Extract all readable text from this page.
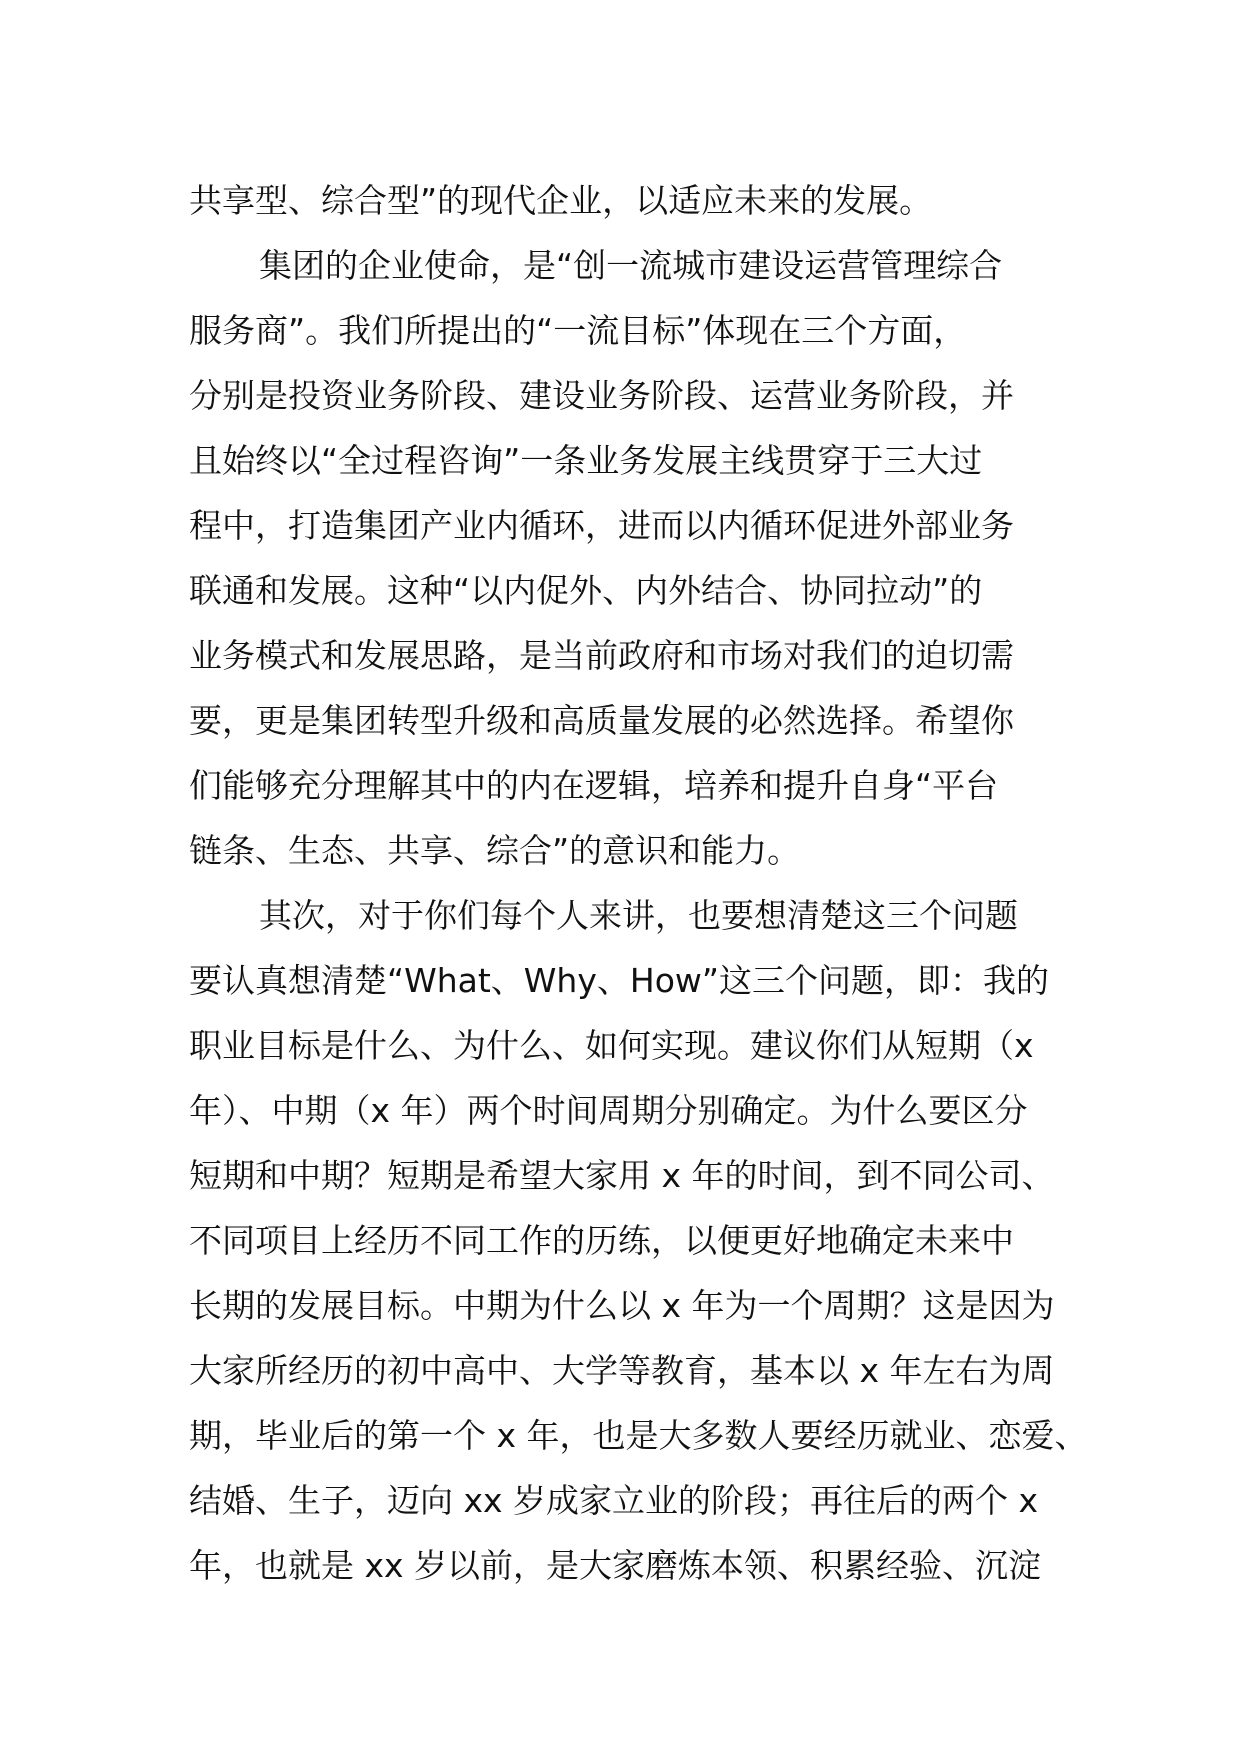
共享型、综合型”的现代企业，以适应未来的发展。
集团的企业使命，是“创一流城市建设运营管理综合
服务商”。我们所提出的“一流目标”体现在三个方面，
分别是投资业务阶段、建设业务阶段、运营业务阶段，并
且始终以“全过程咨询”一条业务发展主线贯穿于三大过
程中，打造集团产业内循环，进而以内循环促进外部业务
联通和发展。这种“以内促外、内外结合、协同拉动”的
业务模式和发展思路，是当前政府和市场对我们的迫切需
要，更是集团转型升级和高质量发展的必然选择。希望你
们能够充分理解其中的内在逻辑，培养和提升自身“平台
链条、生态、共享、综合”的意识和能力。
其次，对于你们每个人来讲，也要想清楚这三个问题
要认真想清楚“What、Why、How”这三个问题，即：我的
职业目标是什么、为什么、如何实现。建议你们从短期（x
年）、中期（x 年）两个时间周期分别确定。为什么要区分
短期和中期？短期是希望大家用 x 年的时间，到不同公司、
不同项目上经历不同工作的历练，以便更好地确定未来中
长期的发展目标。中期为什么以 x 年为一个周期？这是因为
大家所经历的初中高中、大学等教育，基本以 x 年左右为周
期，毕业后的第一个 x 年，也是大多数人要经历就业、恋爱、
结婚、生子，迈向 xx 岁成家立业的阶段；再往后的两个 x
年，也就是 xx 岁以前，是大家磨炼本领、积累经验、沉淀
